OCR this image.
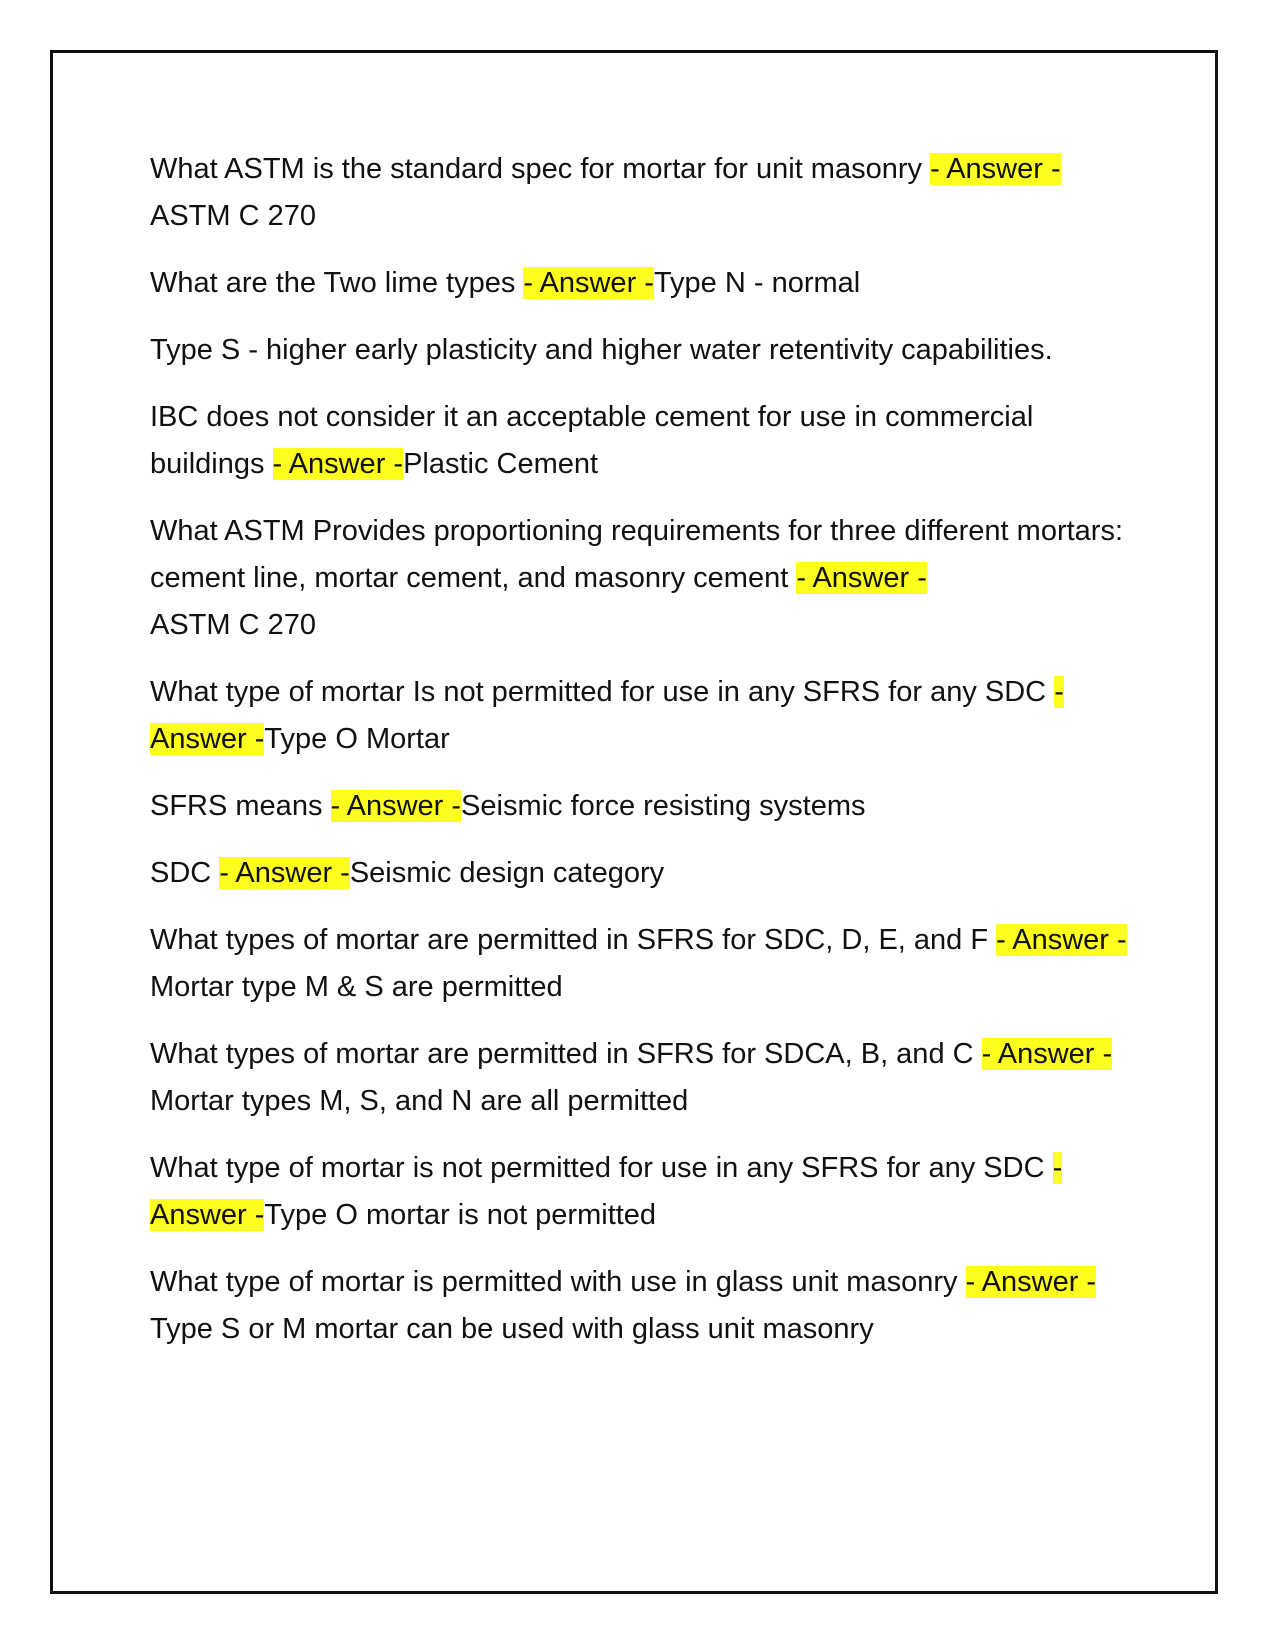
What ASTM is the standard spec for mortar for unit masonry - Answer -
ASTM C 270

What are the Two lime types - Answer -Type N - normal

Type S - higher early plasticity and higher water retentivity capabilities.

IBC does not consider it an acceptable cement for use in commercial buildings - Answer -Plastic Cement

What ASTM Provides proportioning requirements for three different mortars: cement line, mortar cement, and masonry cement - Answer -
ASTM C 270

What type of mortar Is not permitted for use in any SFRS for any SDC - Answer -Type O Mortar

SFRS means - Answer -Seismic force resisting systems

SDC - Answer -Seismic design category

What types of mortar are permitted in SFRS for SDC, D, E, and F - Answer -Mortar type M & S are permitted

What types of mortar are permitted in SFRS for SDCA, B, and C - Answer -Mortar types M, S, and N are all permitted

What type of mortar is not permitted for use in any SFRS for any SDC - Answer -Type O mortar is not permitted

What type of mortar is permitted with use in glass unit masonry - Answer -Type S or M mortar can be used with glass unit masonry
